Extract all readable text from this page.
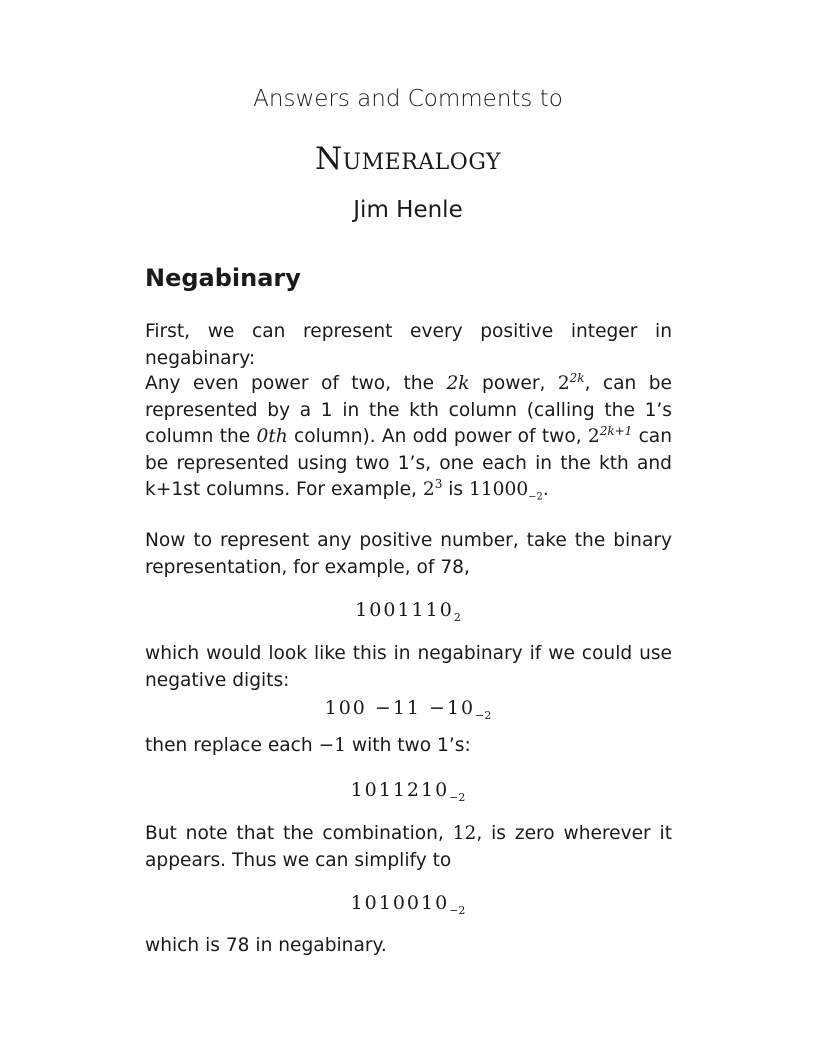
Answers and Comments to
Numeralogy
Jim Henle
Negabinary
First, we can represent every positive integer in negabinary:
Any even power of two, the 2k power, $2^{2k}$, can be represented by a 1 in the kth column (calling the 1’s column the 0th column). An odd power of two, $2^{2k+1}$ can be represented using two 1’s, one each in the kth and k+1st columns. For example, $2^3$ is $11000_{-2}$.
Now to represent any positive number, take the binary representation, for example, of 78,
$1001110_2$
which would look like this in negabinary if we could use negative digits:
$100 -11 -10_{-2}$
then replace each −1 with two 1’s:
$1011210_{-2}$
But note that the combination, 12, is zero wherever it appears. Thus we can simplify to
$1010010_{-2}$
which is 78 in negabinary.
